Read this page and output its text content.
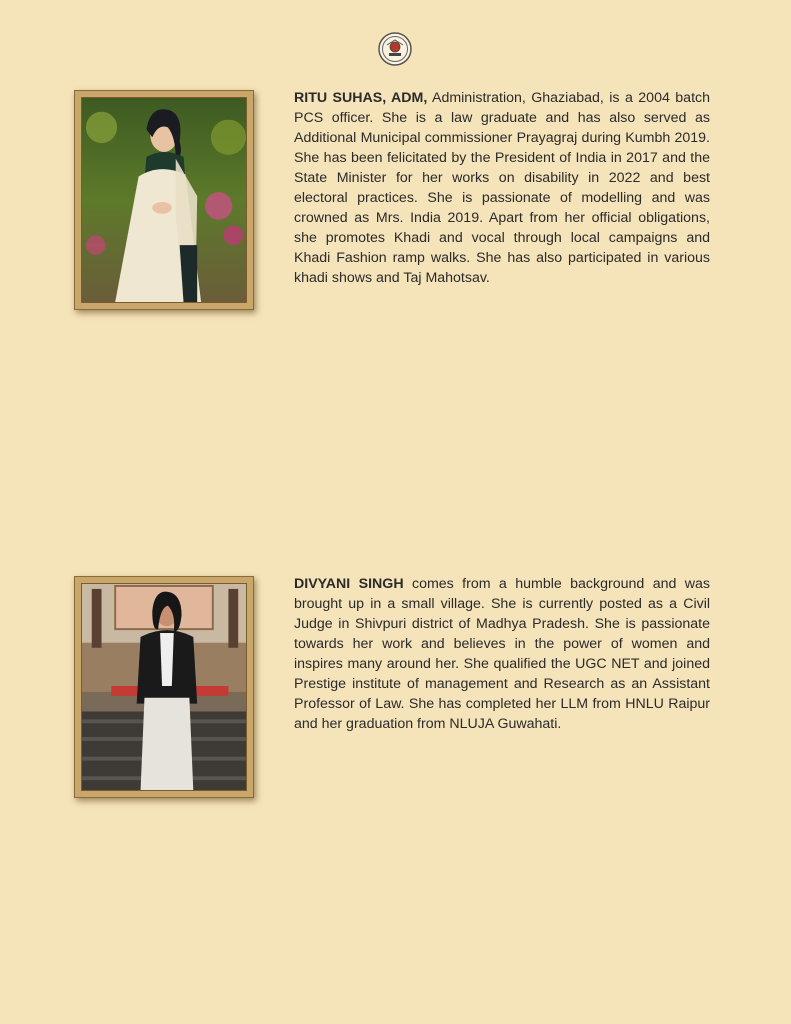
RITU SUHAS, ADM, Administration, Ghaziabad, is a 2004 batch PCS officer. She is a law graduate and has also served as Additional Municipal commissioner Prayagraj during Kumbh 2019. She has been felicitated by the President of India in 2017 and the State Minister for her works on disability in 2022 and best electoral practices. She is passionate of modelling and was crowned as Mrs. India 2019. Apart from her official obligations, she promotes Khadi and vocal through local campaigns and Khadi Fashion ramp walks. She has also participated in various khadi shows and Taj Mahotsav.
DIVYANI SINGH comes from a humble background and was brought up in a small village. She is currently posted as a Civil Judge in Shivpuri district of Madhya Pradesh. She is passionate towards her work and believes in the power of women and inspires many around her. She qualified the UGC NET and joined Prestige institute of management and Research as an Assistant Professor of Law. She has completed her LLM from HNLU Raipur and her graduation from NLUJA Guwahati.
